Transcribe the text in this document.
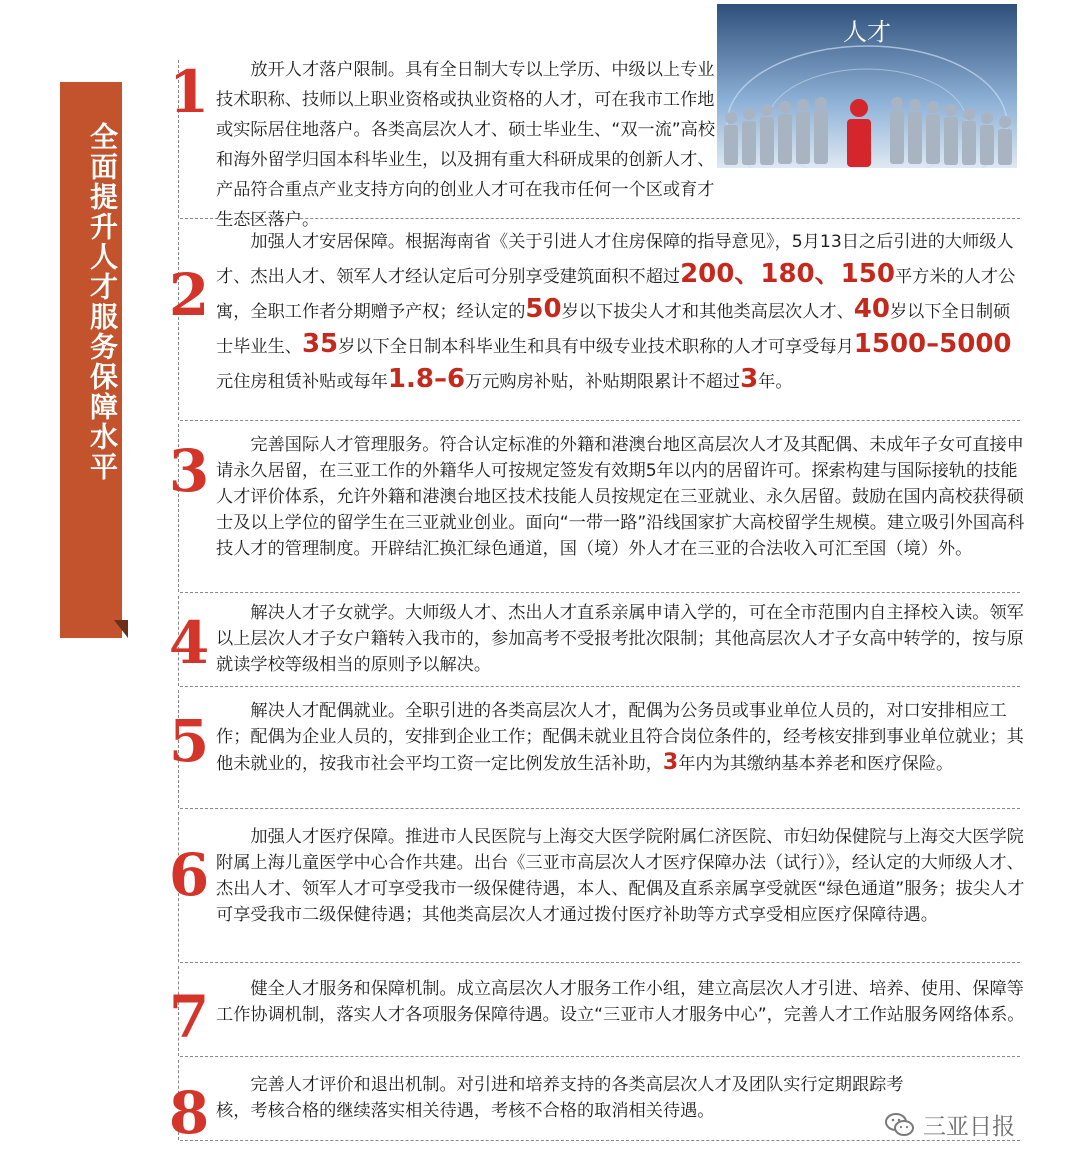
全面提升人才服务保障水平
人才
1	放开人才落户限制。具有全日制大专以上学历、中级以上专业技术职称、技师以上职业资格或执业资格的人才，可在我市工作地或实际居住地落户。各类高层次人才、硕士毕业生、“双一流”高校和海外留学归国本科毕业生，以及拥有重大科研成果的创新人才、产品符合重点产业支持方向的创业人才可在我市任何一个区或育才生态区落户。

2

加强人才安居保障。根据海南省《关于引进人才住房保障的指导意见》，5月13日之后引进的大师级人才、杰出人才、领军人才经认定后可分别享受建筑面积不超过200、180、150平方米的人才公寓，全职工作者分期赠予产权；经认定的50岁以下拔尖人才和其他类高层次人才、40岁以下全日制硕士毕业生、35岁以下全日制本科毕业生和具有中级专业技术职称的人才可享受每月1500–5000元住房租赁补贴或每年1.8–6万元购房补贴，补贴期限累计不超过3年。

3	完善国际人才管理服务。符合认定标准的外籍和港澳台地区高层次人才及其配偶、未成年子女可直接申请永久居留，在三亚工作的外籍华人可按规定签发有效期5年以内的居留许可。探索构建与国际接轨的技能人才评价体系，允许外籍和港澳台地区技术技能人员按规定在三亚就业、永久居留。鼓励在国内高校获得硕士及以上学位的留学生在三亚就业创业。面向“一带一路”沿线国家扩大高校留学生规模。建立吸引外国高科技人才的管理制度。开辟结汇换汇绿色通道，国（境）外人才在三亚的合法收入可汇至国（境）外。

4	解决人才子女就学。大师级人才、杰出人才直系亲属申请入学的，可在全市范围内自主择校入读。领军以上层次人才子女户籍转入我市的，参加高考不受报考批次限制；其他高层次人才子女高中转学的，按与原就读学校等级相当的原则予以解决。

5	解决人才配偶就业。全职引进的各类高层次人才，配偶为公务员或事业单位人员的，对口安排相应工作；配偶为企业人员的，安排到企业工作；配偶未就业且符合岗位条件的，经考核安排到事业单位就业；其他未就业的，按我市社会平均工资一定比例发放生活补助，3年内为其缴纳基本养老和医疗保险。

6

加强人才医疗保障。推进市人民医院与上海交大医学院附属仁济医院、市妇幼保健院与上海交大医学院附属上海儿童医学中心合作共建。出台《三亚市高层次人才医疗保障办法（试行）》，经认定的大师级人才、杰出人才、领军人才可享受我市一级保健待遇，本人、配偶及直系亲属享受就医“绿色通道”服务；拔尖人才可享受我市二级保健待遇；其他类高层次人才通过拨付医疗补助等方式享受相应医疗保障待遇。

7	健全人才服务和保障机制。成立高层次人才服务工作小组，建立高层次人才引进、培养、使用、保障等工作协调机制，落实人才各项服务保障待遇。设立“三亚市人才服务中心”，完善人才工作站服务网络体系。

8	完善人才评价和退出机制。对引进和培养支持的各类高层次人才及团队实行定期跟踪考核，考核合格的继续落实相关待遇，考核不合格的取消相关待遇。

三亚日报
